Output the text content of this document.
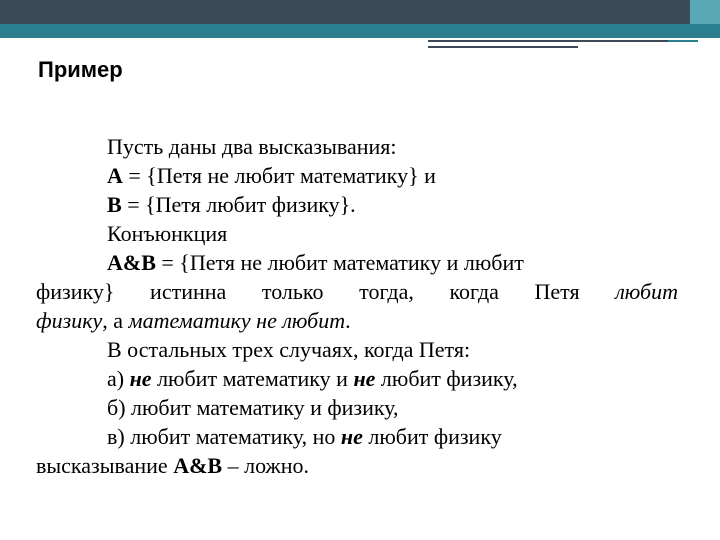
Пример
Пусть даны два высказывания:
A = {Петя не любит математику} и
B = {Петя любит физику}.
Конъюнкция
A&B = {Петя не любит математику и любит
физику} истинна только тогда, когда Петя любит
физику, а математику не любит.
В остальных трех случаях, когда Петя:
а) не любит математику и не любит физику,
б) любит математику и физику,
в) любит математику, но не любит физику
высказывание A&B – ложно.
